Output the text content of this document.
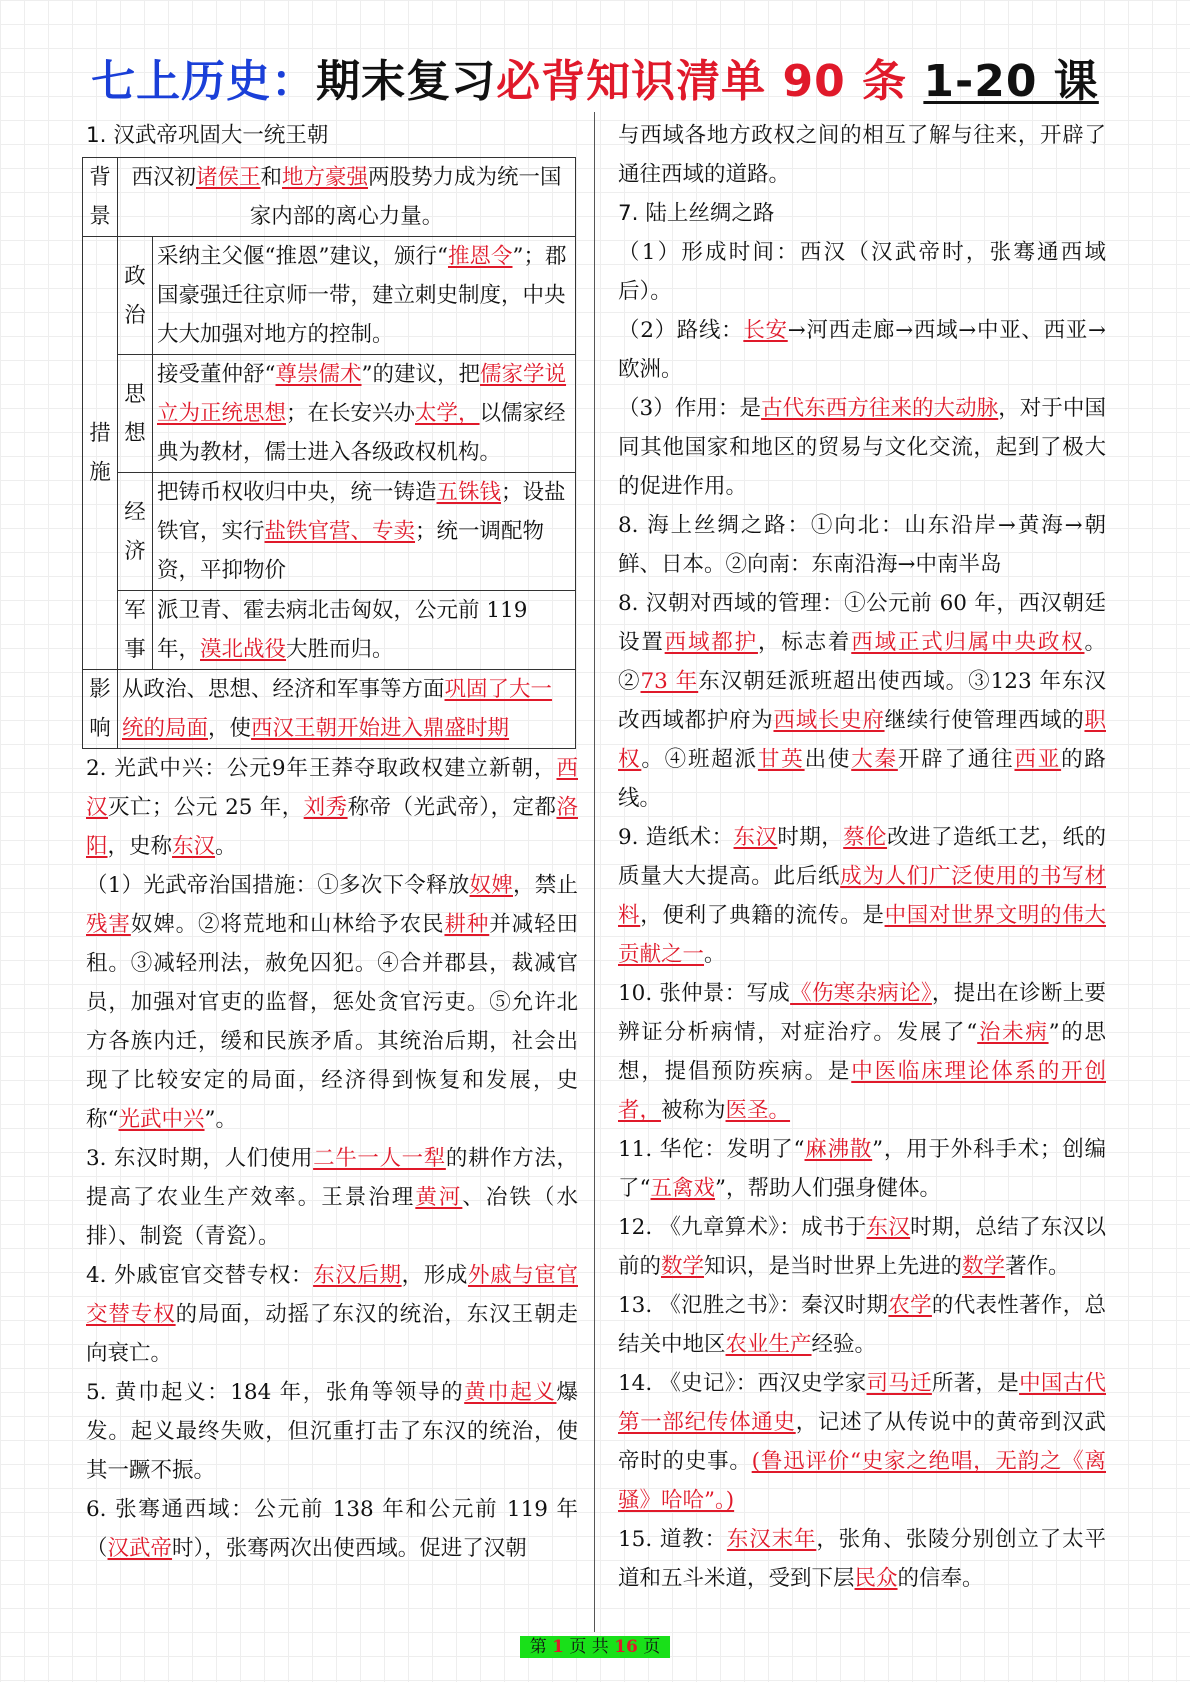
七上历史：期末复习必背知识清单 90 条 1-20 课

1. 汉武帝巩固大一统王朝

背景	西汉初诸侯王和地方豪强两股势力成为统一国家内部的离心力量。	
措施	政治	采纳主父偃“推恩”建议，颁行“推恩令”；郡国豪强迁往京师一带，建立刺史制度，中央大大加强对地方的控制。
	思想	接受董仲舒“尊崇儒术”的建议，把儒家学说立为正统思想；在长安兴办太学，以儒家经典为教材，儒士进入各级政权机构。
	经济	把铸币权收归中央，统一铸造五铢钱；设盐铁官，实行盐铁官营、专卖；统一调配物资，平抑物价
	军事	派卫青、霍去病北击匈奴，公元前 119 年，漠北战役大胜而归。
影响	从政治、思想、经济和军事等方面巩固了大一统的局面，使西汉王朝开始进入鼎盛时期	

2. 光武中兴：公元9年王莽夺取政权建立新朝，西汉灭亡；公元 25 年，刘秀称帝（光武帝），定都洛阳，史称东汉。

（1）光武帝治国措施：①多次下令释放奴婢，禁止残害奴婢。②将荒地和山林给予农民耕种并减轻田租。③减轻刑法，赦免囚犯。④合并郡县，裁减官员，加强对官吏的监督，惩处贪官污吏。⑤允许北方各族内迁，缓和民族矛盾。其统治后期，社会出现了比较安定的局面，经济得到恢复和发展，史称“光武中兴”。

3. 东汉时期，人们使用二牛一人一犁的耕作方法，提高了农业生产效率。王景治理黄河、冶铁（水排）、制瓷（青瓷）。

4. 外戚宦官交替专权：东汉后期，形成外戚与宦官交替专权的局面，动摇了东汉的统治，东汉王朝走向衰亡。

5. 黄巾起义：184 年，张角等领导的黄巾起义爆发。起义最终失败，但沉重打击了东汉的统治，使其一蹶不振。

6. 张骞通西域：公元前 138 年和公元前 119 年（汉武帝时），张骞两次出使西域。促进了汉朝

与西域各地方政权之间的相互了解与往来，开辟了通往西域的道路。

7. 陆上丝绸之路

（1）形成时间：西汉（汉武帝时，张骞通西域后）。

（2）路线：长安→河西走廊→西域→中亚、西亚→欧洲。

（3）作用：是古代东西方往来的大动脉，对于中国同其他国家和地区的贸易与文化交流，起到了极大的促进作用。

8. 海上丝绸之路：①向北：山东沿岸→黄海→朝鲜、日本。②向南：东南沿海→中南半岛

8. 汉朝对西域的管理：①公元前 60 年，西汉朝廷设置西域都护，标志着西域正式归属中央政权。②73 年东汉朝廷派班超出使西域。③123 年东汉改西域都护府为西域长史府继续行使管理西域的职权。④班超派甘英出使大秦开辟了通往西亚的路线。

9. 造纸术：东汉时期，蔡伦改进了造纸工艺，纸的质量大大提高。此后纸成为人们广泛使用的书写材料，便利了典籍的流传。是中国对世界文明的伟大贡献之一。

10. 张仲景：写成《伤寒杂病论》，提出在诊断上要辨证分析病情，对症治疗。发展了“治未病”的思想，提倡预防疾病。是中医临床理论体系的开创者，被称为医圣。

11. 华佗：发明了“麻沸散”，用于外科手术；创编了“五禽戏”，帮助人们强身健体。

12. 《九章算术》：成书于东汉时期，总结了东汉以前的数学知识，是当时世界上先进的数学著作。

13. 《氾胜之书》：秦汉时期农学的代表性著作，总结关中地区农业生产经验。

14. 《史记》：西汉史学家司马迁所著，是中国古代第一部纪传体通史，记述了从传说中的黄帝到汉武帝时的史事。(鲁迅评价“史家之绝唱，无韵之《离骚》哈哈”。)

15. 道教：东汉末年，张角、张陵分别创立了太平道和五斗米道，受到下层民众的信奉。

第 1 页 共 16 页
